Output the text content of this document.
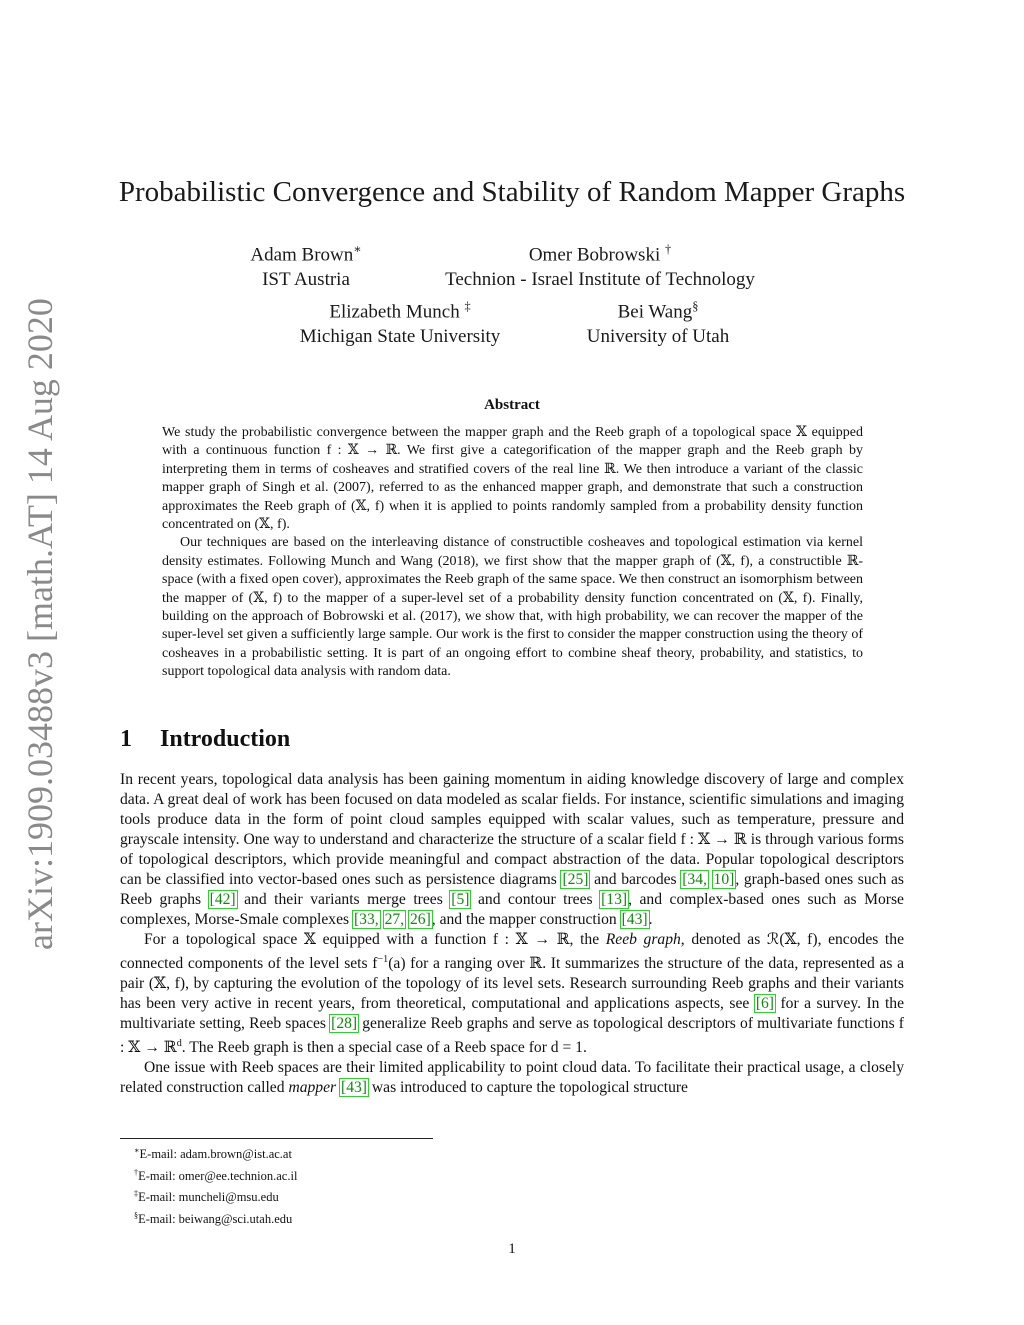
arXiv:1909.03488v3 [math.AT] 14 Aug 2020
Probabilistic Convergence and Stability of Random Mapper Graphs
Adam Brown∗
IST Austria
Omer Bobrowski †
Technion - Israel Institute of Technology
Elizabeth Munch ‡
Michigan State University
Bei Wang§
University of Utah
Abstract

We study the probabilistic convergence between the mapper graph and the Reeb graph of a topological space 𝕏 equipped with a continuous function f : 𝕏 → ℝ. We first give a categorification of the mapper graph and the Reeb graph by interpreting them in terms of cosheaves and stratified covers of the real line ℝ. We then introduce a variant of the classic mapper graph of Singh et al. (2007), referred to as the enhanced mapper graph, and demonstrate that such a construction approximates the Reeb graph of (𝕏, f) when it is applied to points randomly sampled from a probability density function concentrated on (𝕏, f).

Our techniques are based on the interleaving distance of constructible cosheaves and topological estimation via kernel density estimates. Following Munch and Wang (2018), we first show that the mapper graph of (𝕏, f), a constructible ℝ-space (with a fixed open cover), approximates the Reeb graph of the same space. We then construct an isomorphism between the mapper of (𝕏, f) to the mapper of a super-level set of a probability density function concentrated on (𝕏, f). Finally, building on the approach of Bobrowski et al. (2017), we show that, with high probability, we can recover the mapper of the super-level set given a sufficiently large sample. Our work is the first to consider the mapper construction using the theory of cosheaves in a probabilistic setting. It is part of an ongoing effort to combine sheaf theory, probability, and statistics, to support topological data analysis with random data.

1 Introduction

In recent years, topological data analysis has been gaining momentum in aiding knowledge discovery of large and complex data. A great deal of work has been focused on data modeled as scalar fields. For instance, scientific simulations and imaging tools produce data in the form of point cloud samples equipped with scalar values, such as temperature, pressure and grayscale intensity. One way to understand and characterize the structure of a scalar field f : 𝕏 → ℝ is through various forms of topological descriptors, which provide meaningful and compact abstraction of the data. Popular topological descriptors can be classified into vector-based ones such as persistence diagrams [25] and barcodes [34, 10], graph-based ones such as Reeb graphs [42] and their variants merge trees [5] and contour trees [13], and complex-based ones such as Morse complexes, Morse-Smale complexes [33, 27, 26], and the mapper construction [43].

For a topological space 𝕏 equipped with a function f : 𝕏 → ℝ, the Reeb graph, denoted as ℛ(𝕏, f), encodes the connected components of the level sets $f^{-1}(a)$ for a ranging over ℝ. It summarizes the structure of the data, represented as a pair (𝕏, f), by capturing the evolution of the topology of its level sets. Research surrounding Reeb graphs and their variants has been very active in recent years, from theoretical, computational and applications aspects, see [6] for a survey. In the multivariate setting, Reeb spaces [28] generalize Reeb graphs and serve as topological descriptors of multivariate functions f : 𝕏 → ℝ$^d$. The Reeb graph is then a special case of a Reeb space for d = 1.

One issue with Reeb spaces are their limited applicability to point cloud data. To facilitate their practical usage, a closely related construction called mapper [43] was introduced to capture the topological structure

∗E-mail: adam.brown@ist.ac.at
†E-mail: omer@ee.technion.ac.il
‡E-mail: muncheli@msu.edu
§E-mail: beiwang@sci.utah.edu
1
